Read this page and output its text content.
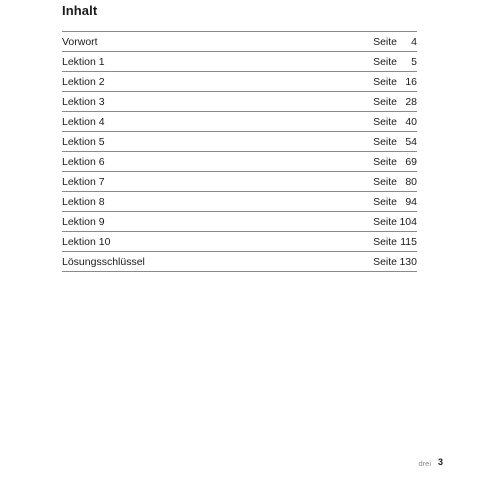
Inhalt
Vorwort	Seite	4
Lektion 1	Seite	5
Lektion 2	Seite 16
Lektion 3	Seite 28
Lektion 4	Seite 40
Lektion 5	Seite 54
Lektion 6	Seite 69
Lektion 7	Seite 80
Lektion 8	Seite 94
Lektion 9	Seite 104
Lektion 10	Seite 115
Lösungsschlüssel	Seite 130
drei 3
